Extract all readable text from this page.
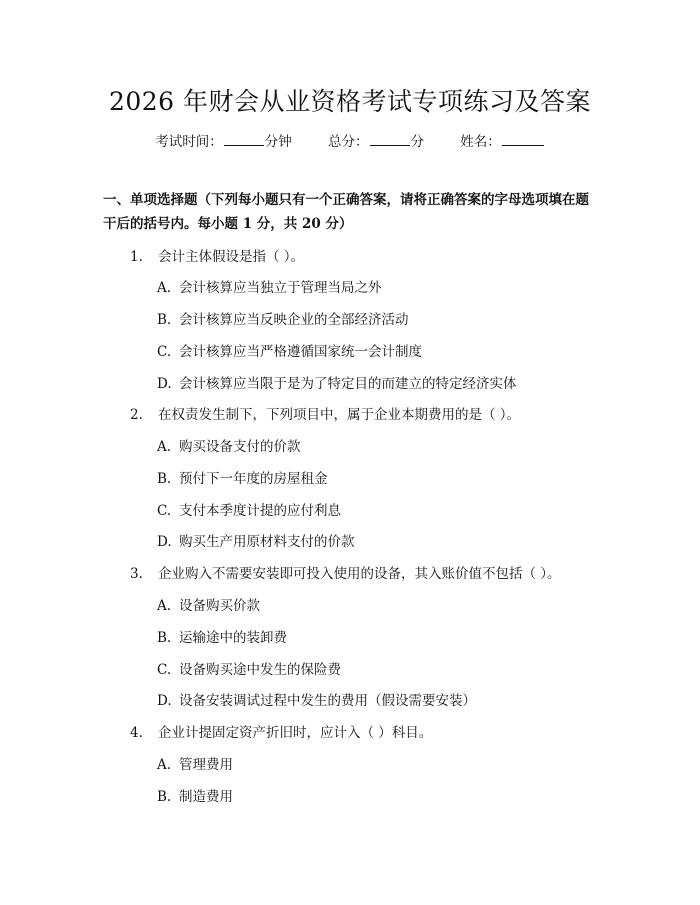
2026 年财会从业资格考试专项练习及答案
考试时间：	分钟	总分：	分	姓名：
一、单项选择题（下列每小题只有一个正确答案，请将正确答案的字母选项填在题干后的括号内。每小题 1 分，共 20 分）
1. 会计主体假设是指（ ）。
A. 会计核算应当独立于管理当局之外
B. 会计核算应当反映企业的全部经济活动
C. 会计核算应当严格遵循国家统一会计制度
D. 会计核算应当限于是为了特定目的而建立的特定经济实体
2. 在权责发生制下，下列项目中，属于企业本期费用的是（ ）。
A. 购买设备支付的价款
B. 预付下一年度的房屋租金
C. 支付本季度计提的应付利息
D. 购买生产用原材料支付的价款
3. 企业购入不需要安装即可投入使用的设备，其入账价值不包括（ ）。
A. 设备购买价款
B. 运输途中的装卸费
C. 设备购买途中发生的保险费
D. 设备安装调试过程中发生的费用（假设需要安装）
4. 企业计提固定资产折旧时，应计入（ ）科目。
A. 管理费用
B. 制造费用
